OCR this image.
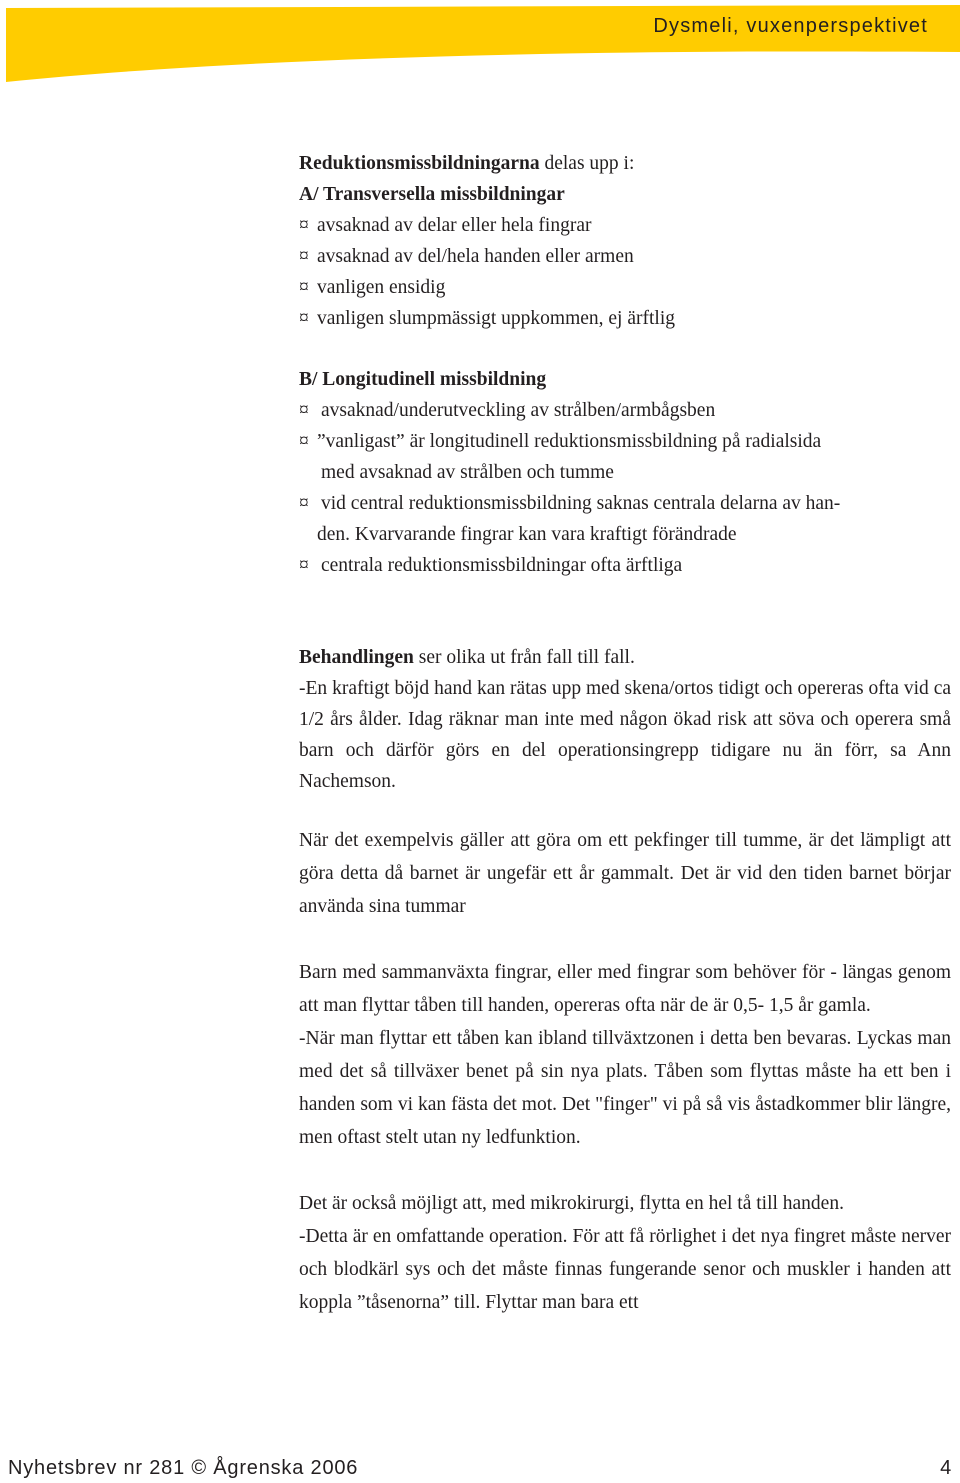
Dysmeli, vuxenperspektivet
Reduktionsmissbildningarna delas upp i:
A/ Transversella missbildningar
¤ avsaknad av delar eller hela fingrar
¤ avsaknad av del/hela handen eller armen
¤ vanligen ensidig
¤ vanligen slumpmässigt uppkommen, ej ärftlig
B/ Longitudinell missbildning
¤ avsaknad/underutveckling av strålben/armbågsben
¤ ”vanligast” är longitudinell reduktionsmissbildning på radialsida
med avsaknad av strålben och tumme
¤ vid central reduktionsmissbildning saknas centrala delarna av han-
den. Kvarvarande fingrar kan vara kraftigt förändrade
¤ centrala reduktionsmissbildningar ofta ärftliga
Behandlingen ser olika ut från fall till fall.
-En kraftigt böjd hand kan rätas upp med skena/ortos tidigt och opereras ofta vid ca 1/2 års ålder. Idag räknar man inte med någon ökad risk att söva och operera små barn och därför görs en del operationsingrepp tidigare nu än förr, sa Ann Nachemson.
När det exempelvis gäller att göra om ett pekfinger till tumme, är det lämpligt att göra detta då barnet är ungefär ett år gammalt. Det är vid den tiden barnet börjar använda sina tummar
Barn med sammanväxta fingrar, eller med fingrar som behöver för - längas genom att man flyttar tåben till handen, opereras ofta när de är 0,5- 1,5 år gamla.
-När man flyttar ett tåben kan ibland tillväxtzonen i detta ben bevaras. Lyckas man med det så tillväxer benet på sin nya plats. Tåben som flyttas måste ha ett ben i handen som vi kan fästa det mot. Det "finger" vi på så vis åstadkommer blir längre, men oftast stelt utan ny ledfunktion.
Det är också möjligt att, med mikrokirurgi, flytta en hel tå till handen.
-Detta är en omfattande operation. För att få rörlighet i det nya fingret måste nerver och blodkärl sys och det måste finnas fungerande senor och muskler i handen att koppla ”tåsenorna” till. Flyttar man bara ett
Nyhetsbrev nr 281 © Ågrenska 2006	4
